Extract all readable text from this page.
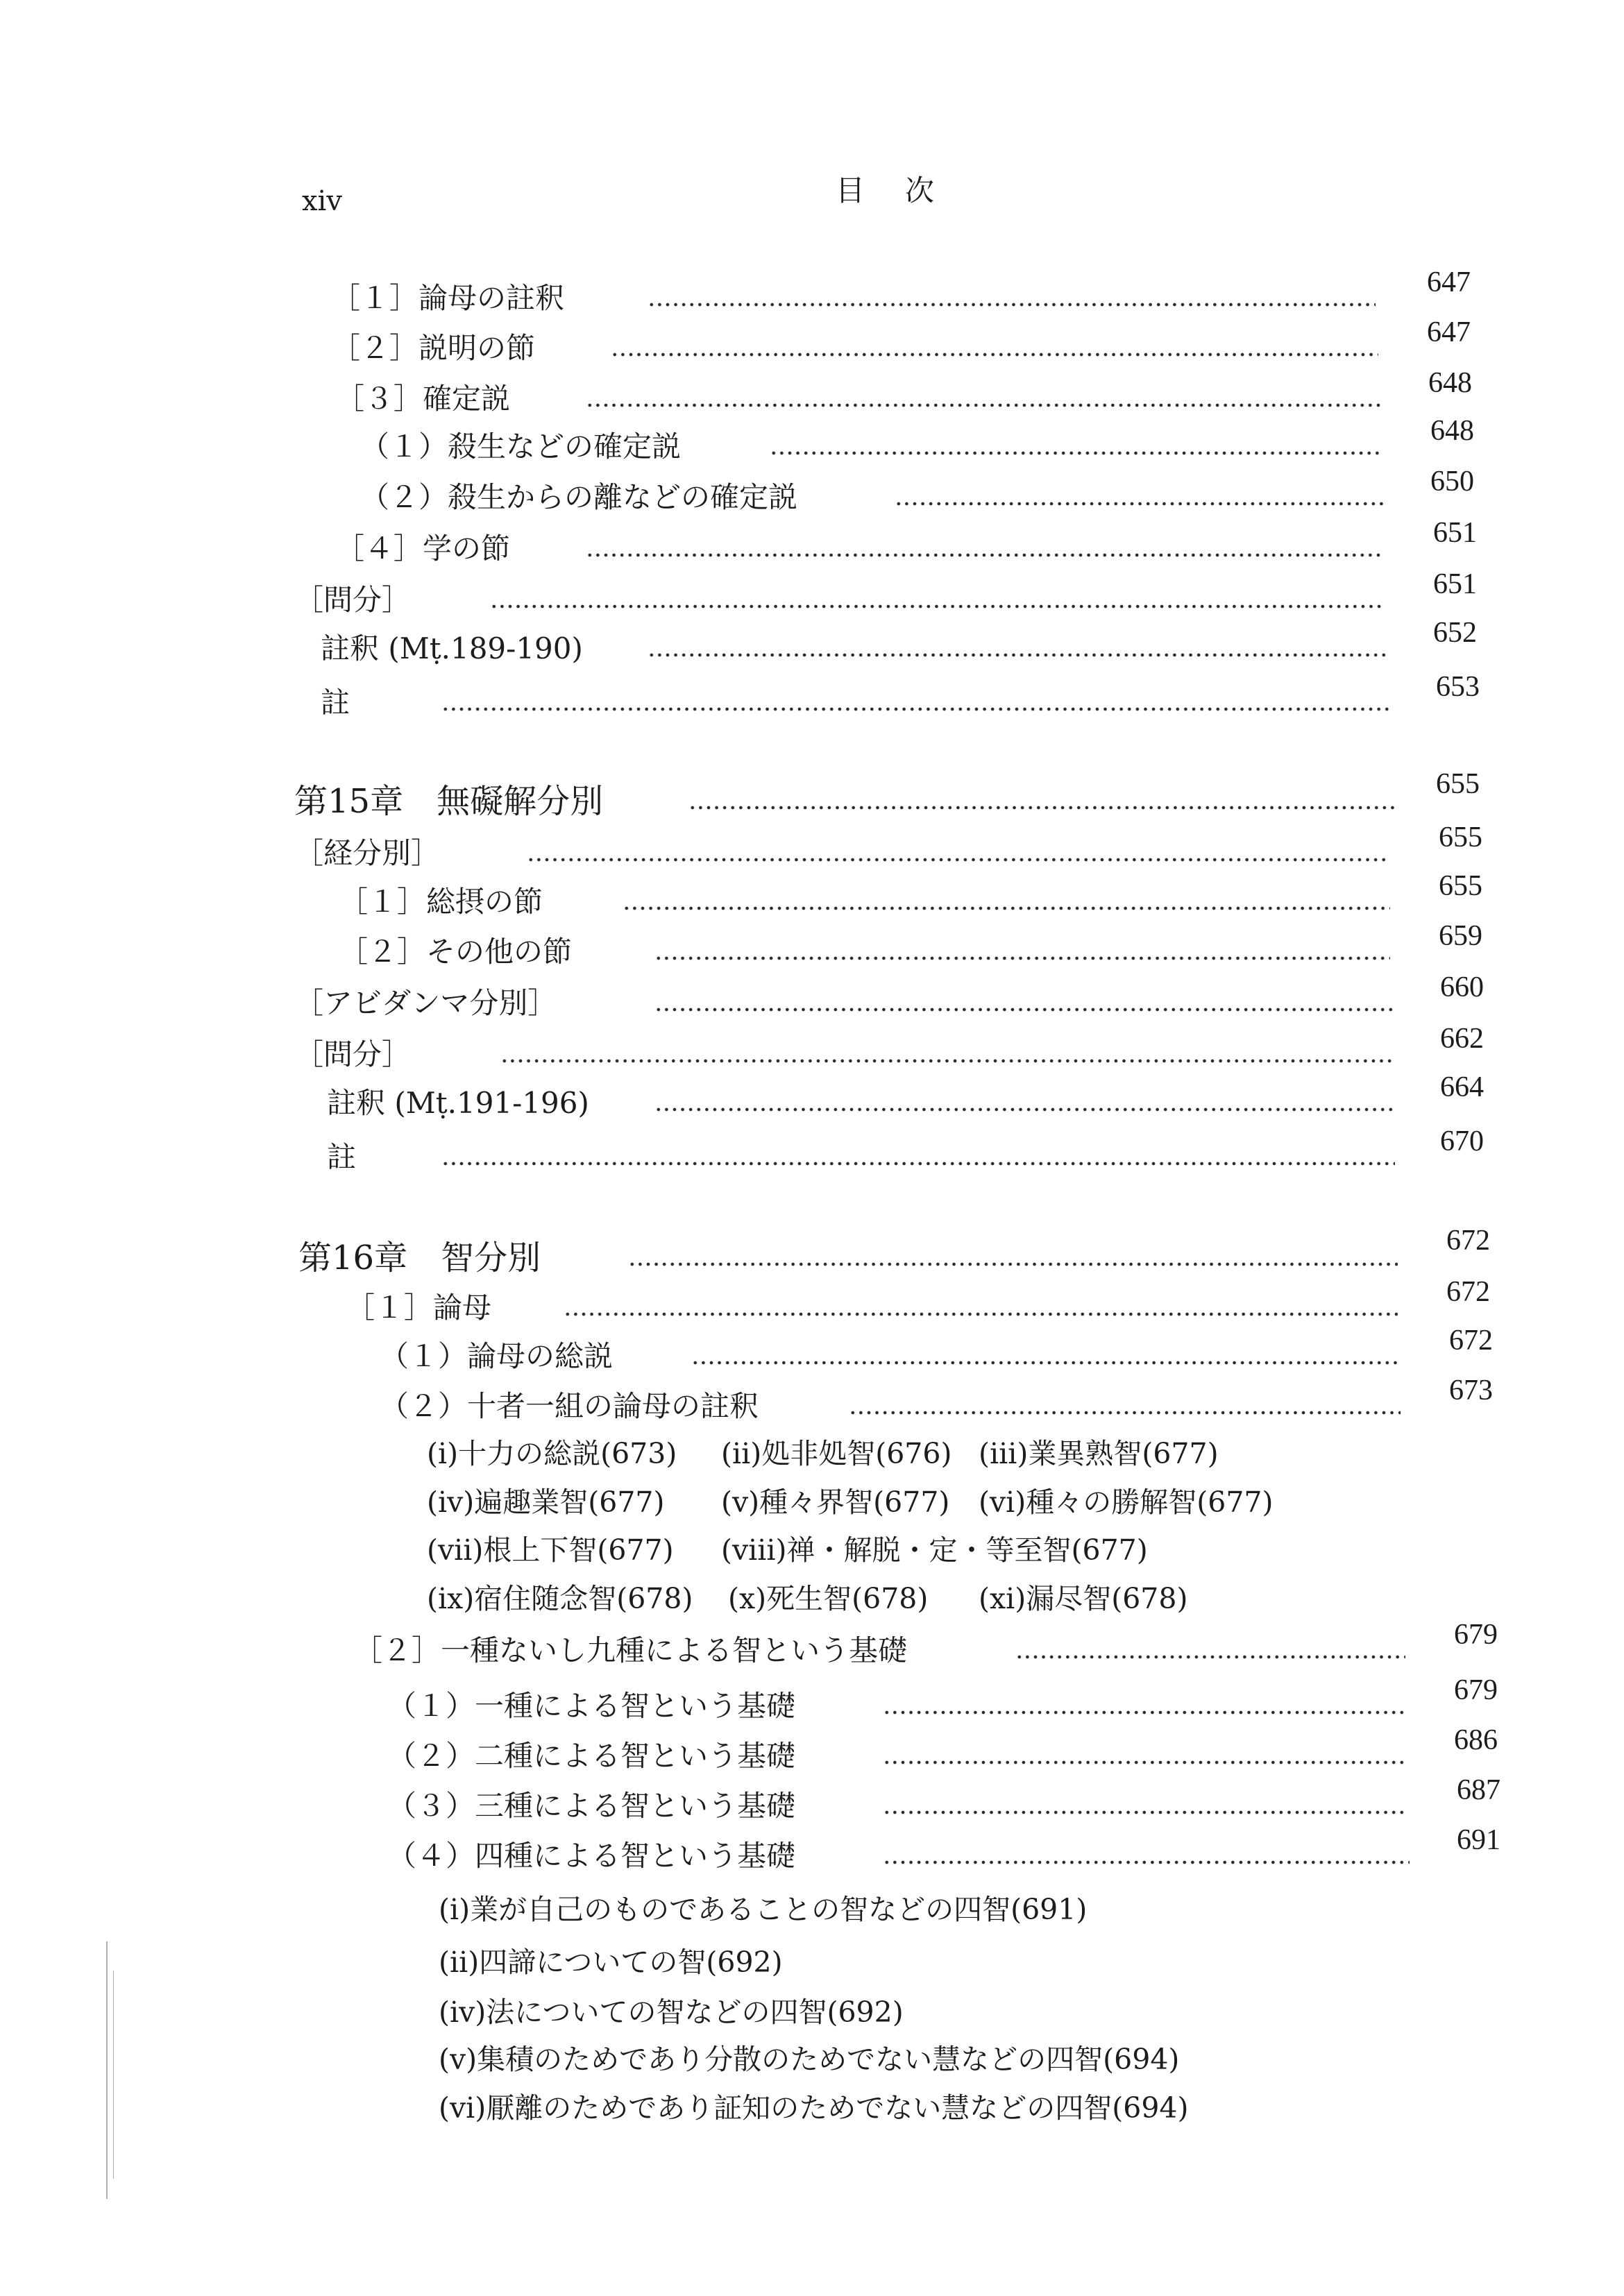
xiv	目　次
［１］論母の註釈	647
［２］説明の節	647
［３］確定説	648
（１）殺生などの確定説	648
（２）殺生からの離などの確定説	650
［４］学の節	651
［問分］	651
註釈 (Mṭ.189-190)	652
註	653
第15章　無礙解分別	655
［経分別］	655
［１］総摂の節	655
［２］その他の節	659
［アビダンマ分別］	660
［問分］	662
註釈 (Mṭ.191-196)	664
註	670
第16章　智分別	672
［１］論母	672
（１）論母の総説	672
（２）十者一組の論母の註釈	673
(i)十力の総説(673) (ii)処非処智(676) (iii)業異熟智(677)
(iv)遍趣業智(677) (v)種々界智(677) (vi)種々の勝解智(677)
(vii)根上下智(677) (viii)禅・解脱・定・等至智(677)
(ix)宿住随念智(678) (x)死生智(678) (xi)漏尽智(678)
［２］一種ないし九種による智という基礎	679
（１）一種による智という基礎	679
（２）二種による智という基礎	686
（３）三種による智という基礎	687
（４）四種による智という基礎	691
(i)業が自己のものであることの智などの四智(691)
(ii)四諦についての智(692)
(iv)法についての智などの四智(692)
(v)集積のためであり分散のためでない慧などの四智(694)
(vi)厭離のためであり証知のためでない慧などの四智(694)
